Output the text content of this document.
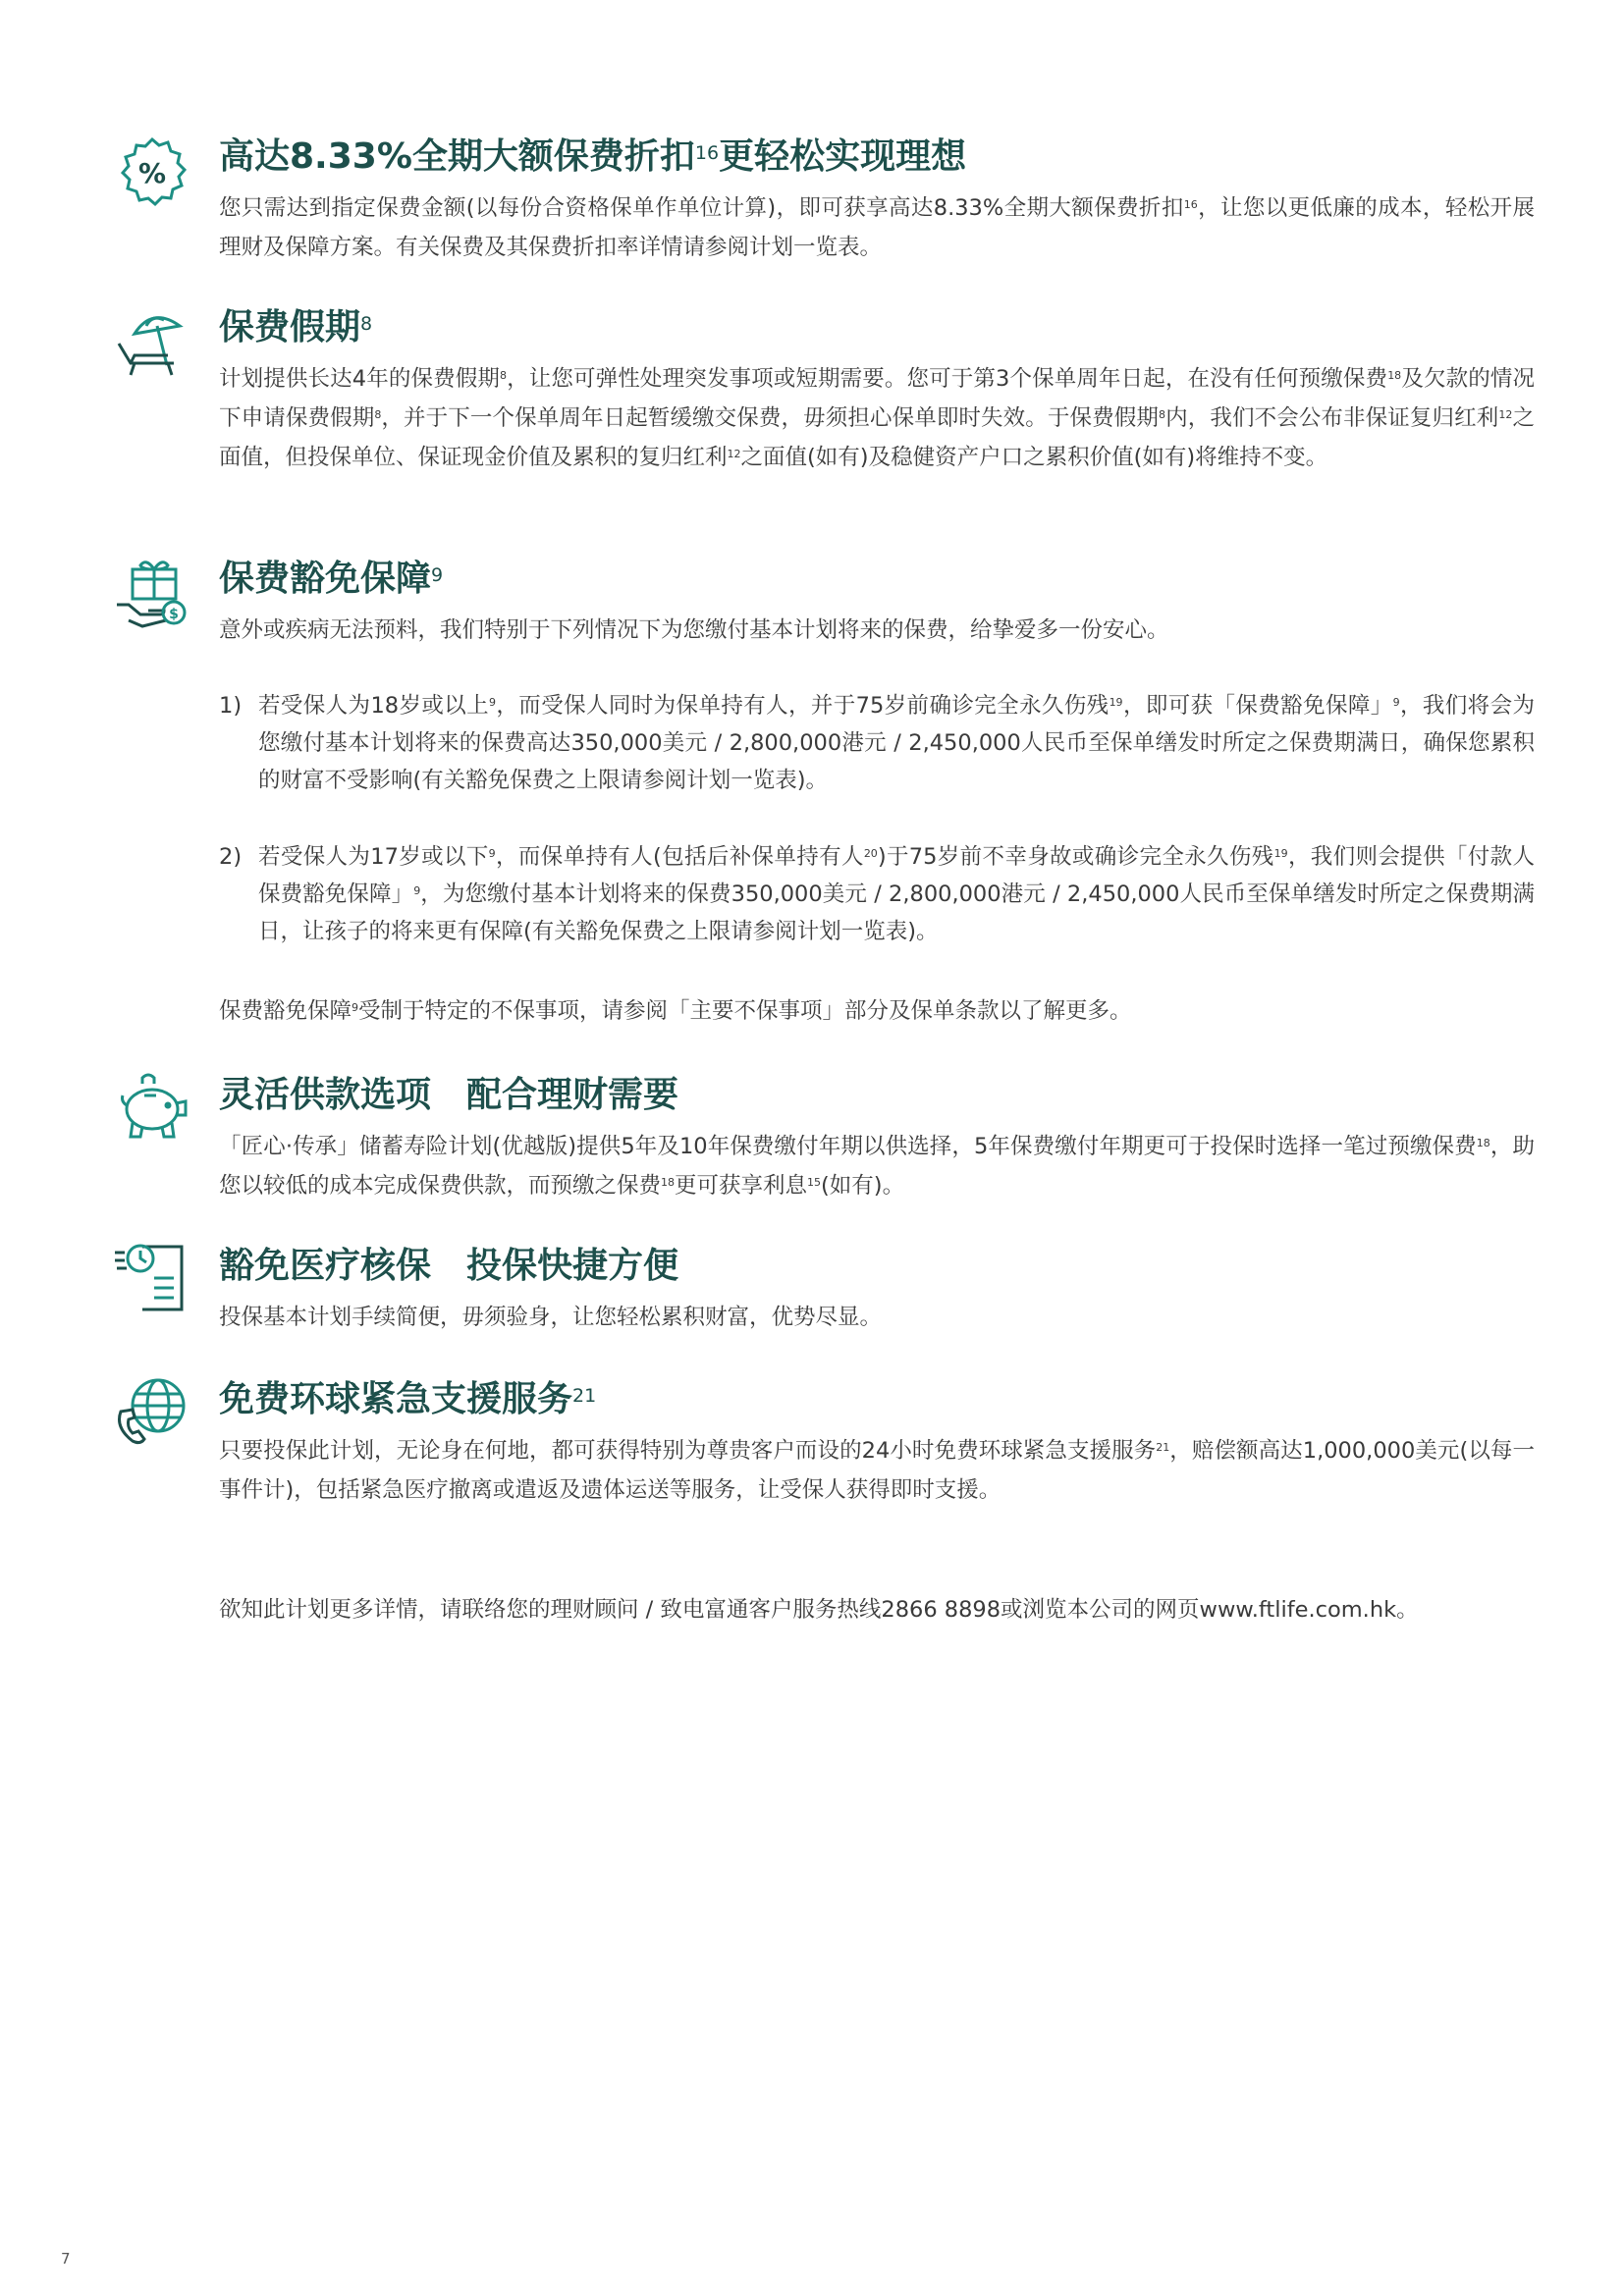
% 高达8.33%全期大额保费折扣$^{16}$更轻松实现理想

您只需达到指定保费金额(以每份合资格保单作单位计算)，即可获享高达8.33%全期大额保费折扣$^{16}$，让您以更低廉的成本，轻松开展理财及保障方案。有关保费及其保费折扣率详情请参阅计划一览表。

保费假期$^8$

计划提供长达4年的保费假期$^8$，让您可弹性处理突发事项或短期需要。您可于第3个保单周年日起，在没有任何预缴保费$^{18}$及欠款的情况下申请保费假期$^8$，并于下一个保单周年日起暂缓缴交保费，毋须担心保单即时失效。于保费假期$^8$内，我们不会公布非保证复归红利$^{12}$之面值，但投保单位、保证现金价值及累积的复归红利$^{12}$之面值(如有)及稳健资产户口之累积价值(如有)将维持不变。

$
保费豁免保障$^9$

意外或疾病无法预料，我们特别于下列情况下为您缴付基本计划将来的保费，给挚爱多一份安心。

1) 若受保人为18岁或以上$^9$，而受保人同时为保单持有人，并于75岁前确诊完全永久伤残$^{19}$，即可获「保费豁免保障」$^9$，我们将会为您缴付基本计划将来的保费高达350,000美元 / 2,800,000港元 / 2,450,000人民币至保单缮发时所定之保费期满日，确保您累积的财富不受影响(有关豁免保费之上限请参阅计划一览表)。
2) 若受保人为17岁或以下$^9$，而保单持有人(包括后补保单持有人$^{20}$)于75岁前不幸身故或确诊完全永久伤残$^{19}$，我们则会提供「付款人保费豁免保障」$^9$，为您缴付基本计划将来的保费350,000美元 / 2,800,000港元 / 2,450,000人民币至保单缮发时所定之保费期满日，让孩子的将来更有保障(有关豁免保费之上限请参阅计划一览表)。

保费豁免保障$^9$受制于特定的不保事项，请参阅「主要不保事项」部分及保单条款以了解更多。

灵活供款选项　配合理财需要

「匠心·传承」储蓄寿险计划(优越版)提供5年及10年保费缴付年期以供选择，5年保费缴付年期更可于投保时选择一笔过预缴保费$^{18}$，助您以较低的成本完成保费供款，而预缴之保费$^{18}$更可获享利息$^{15}$(如有)。

豁免医疗核保　投保快捷方便

投保基本计划手续简便，毋须验身，让您轻松累积财富，优势尽显。

免费环球紧急支援服务$^{21}$

只要投保此计划，无论身在何地，都可获得特别为尊贵客户而设的24小时免费环球紧急支援服务$^{21}$，赔偿额高达1,000,000美元(以每一事件计)，包括紧急医疗撤离或遣返及遗体运送等服务，让受保人获得即时支援。

欲知此计划更多详情，请联络您的理财顾问 / 致电富通客户服务热线2866 8898或浏览本公司的网页www.ftlife.com.hk。
7
